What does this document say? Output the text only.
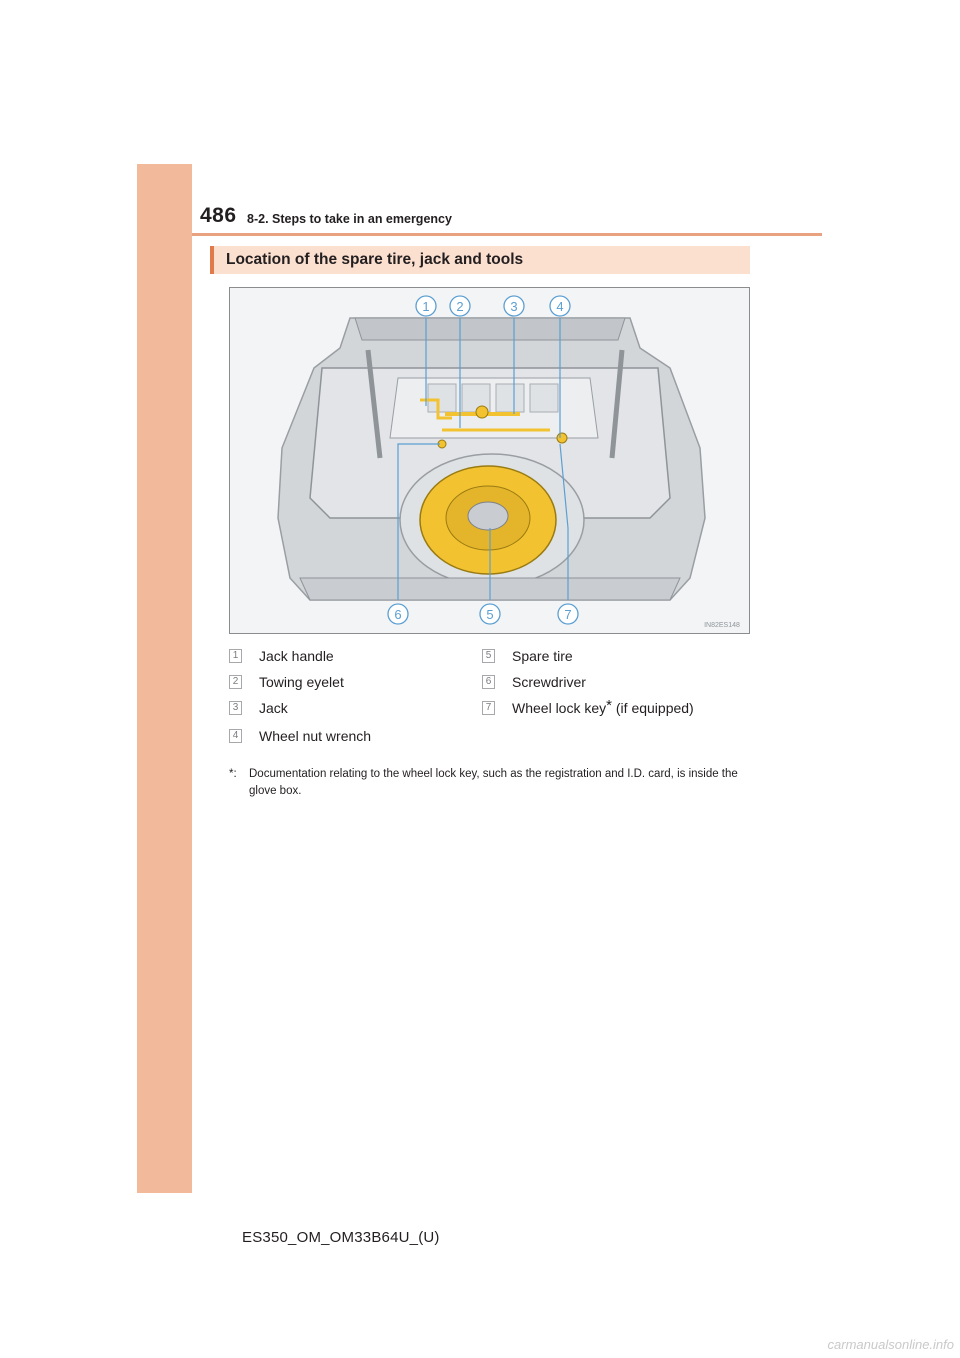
486 8-2. Steps to take in an emergency
Location of the spare tire, jack and tools
1 2	3	4
6	5	7
IN82ES148
1 Jack handle
2 Towing eyelet
3 Jack
4 Wheel nut wrench
5 Spare tire
6 Screwdriver
7 Wheel lock key* (if equipped)
*: Documentation relating to the wheel lock key, such as the registration and I.D. card, is inside the glove box.
ES350_OM_OM33B64U_(U)
carmanualsonline.info
